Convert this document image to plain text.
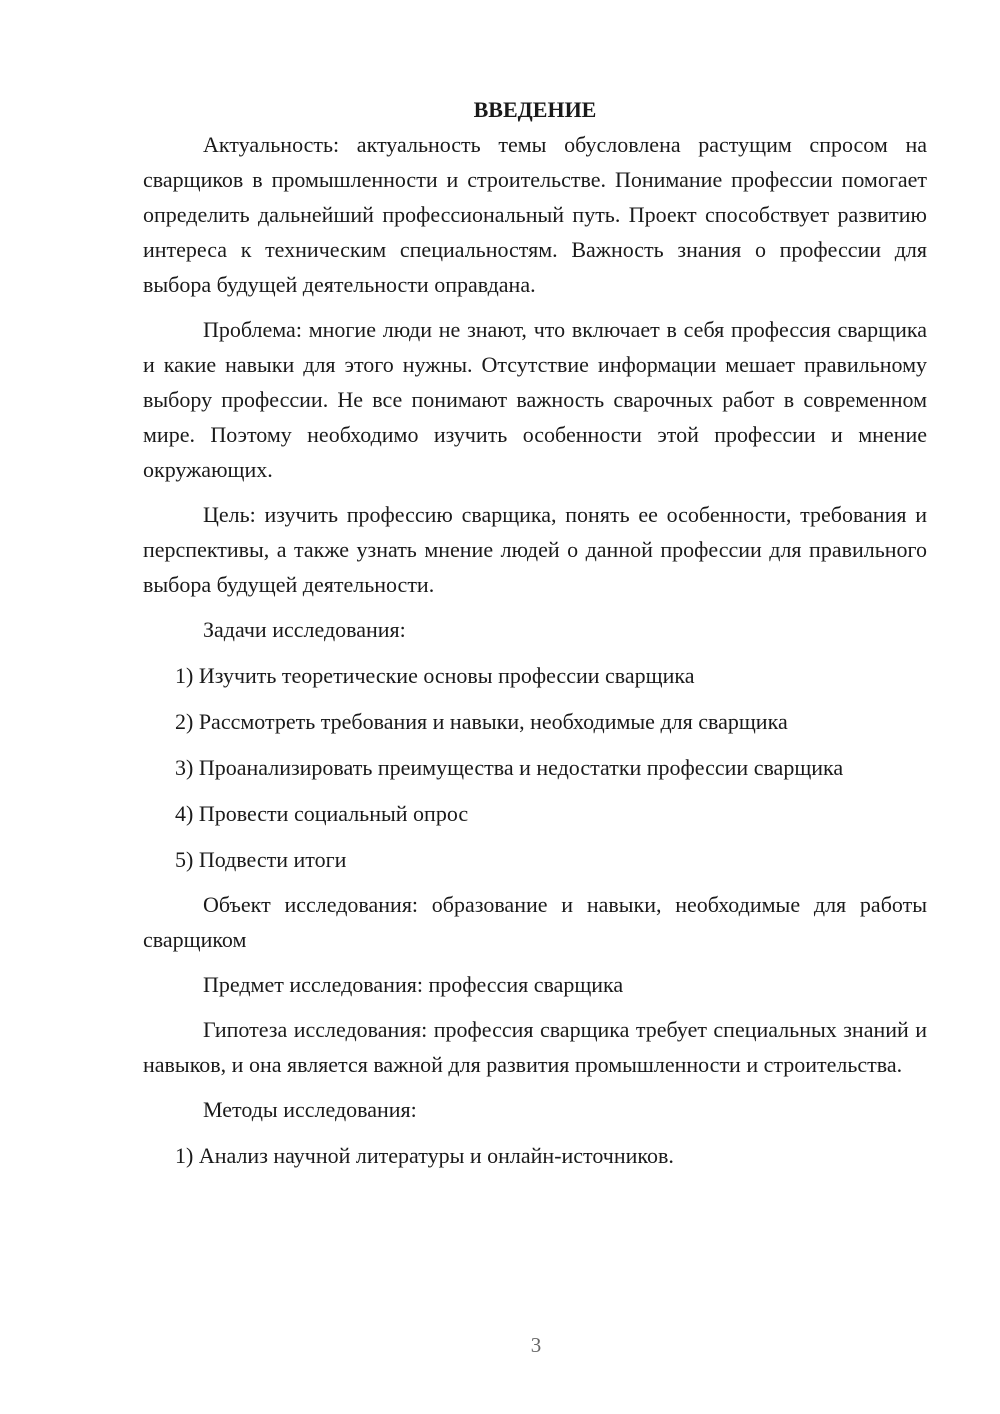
ВВЕДЕНИЕ

Актуальность: актуальность темы обусловлена растущим спросом на сварщиков в промышленности и строительстве. Понимание профессии помогает определить дальнейший профессиональный путь. Проект способствует развитию интереса к техническим специальностям. Важность знания о профессии для выбора будущей деятельности оправдана.

Проблема: многие люди не знают, что включает в себя профессия сварщика и какие навыки для этого нужны. Отсутствие информации мешает правильному выбору профессии. Не все понимают важность сварочных работ в современном мире. Поэтому необходимо изучить особенности этой профессии и мнение окружающих.

Цель: изучить профессию сварщика, понять ее особенности, требования и перспективы, а также узнать мнение людей о данной профессии для правильного выбора будущей деятельности.

Задачи исследования:

1) Изучить теоретические основы профессии сварщика

2) Рассмотреть требования и навыки, необходимые для сварщика

3) Проанализировать преимущества и недостатки профессии сварщика

4) Провести социальный опрос

5) Подвести итоги

Объект исследования: образование и навыки, необходимые для работы сварщиком

Предмет исследования: профессия сварщика

Гипотеза исследования: профессия сварщика требует специальных знаний и навыков, и она является важной для развития промышленности и строительства.

Методы исследования:

1) Анализ научной литературы и онлайн-источников.

3
